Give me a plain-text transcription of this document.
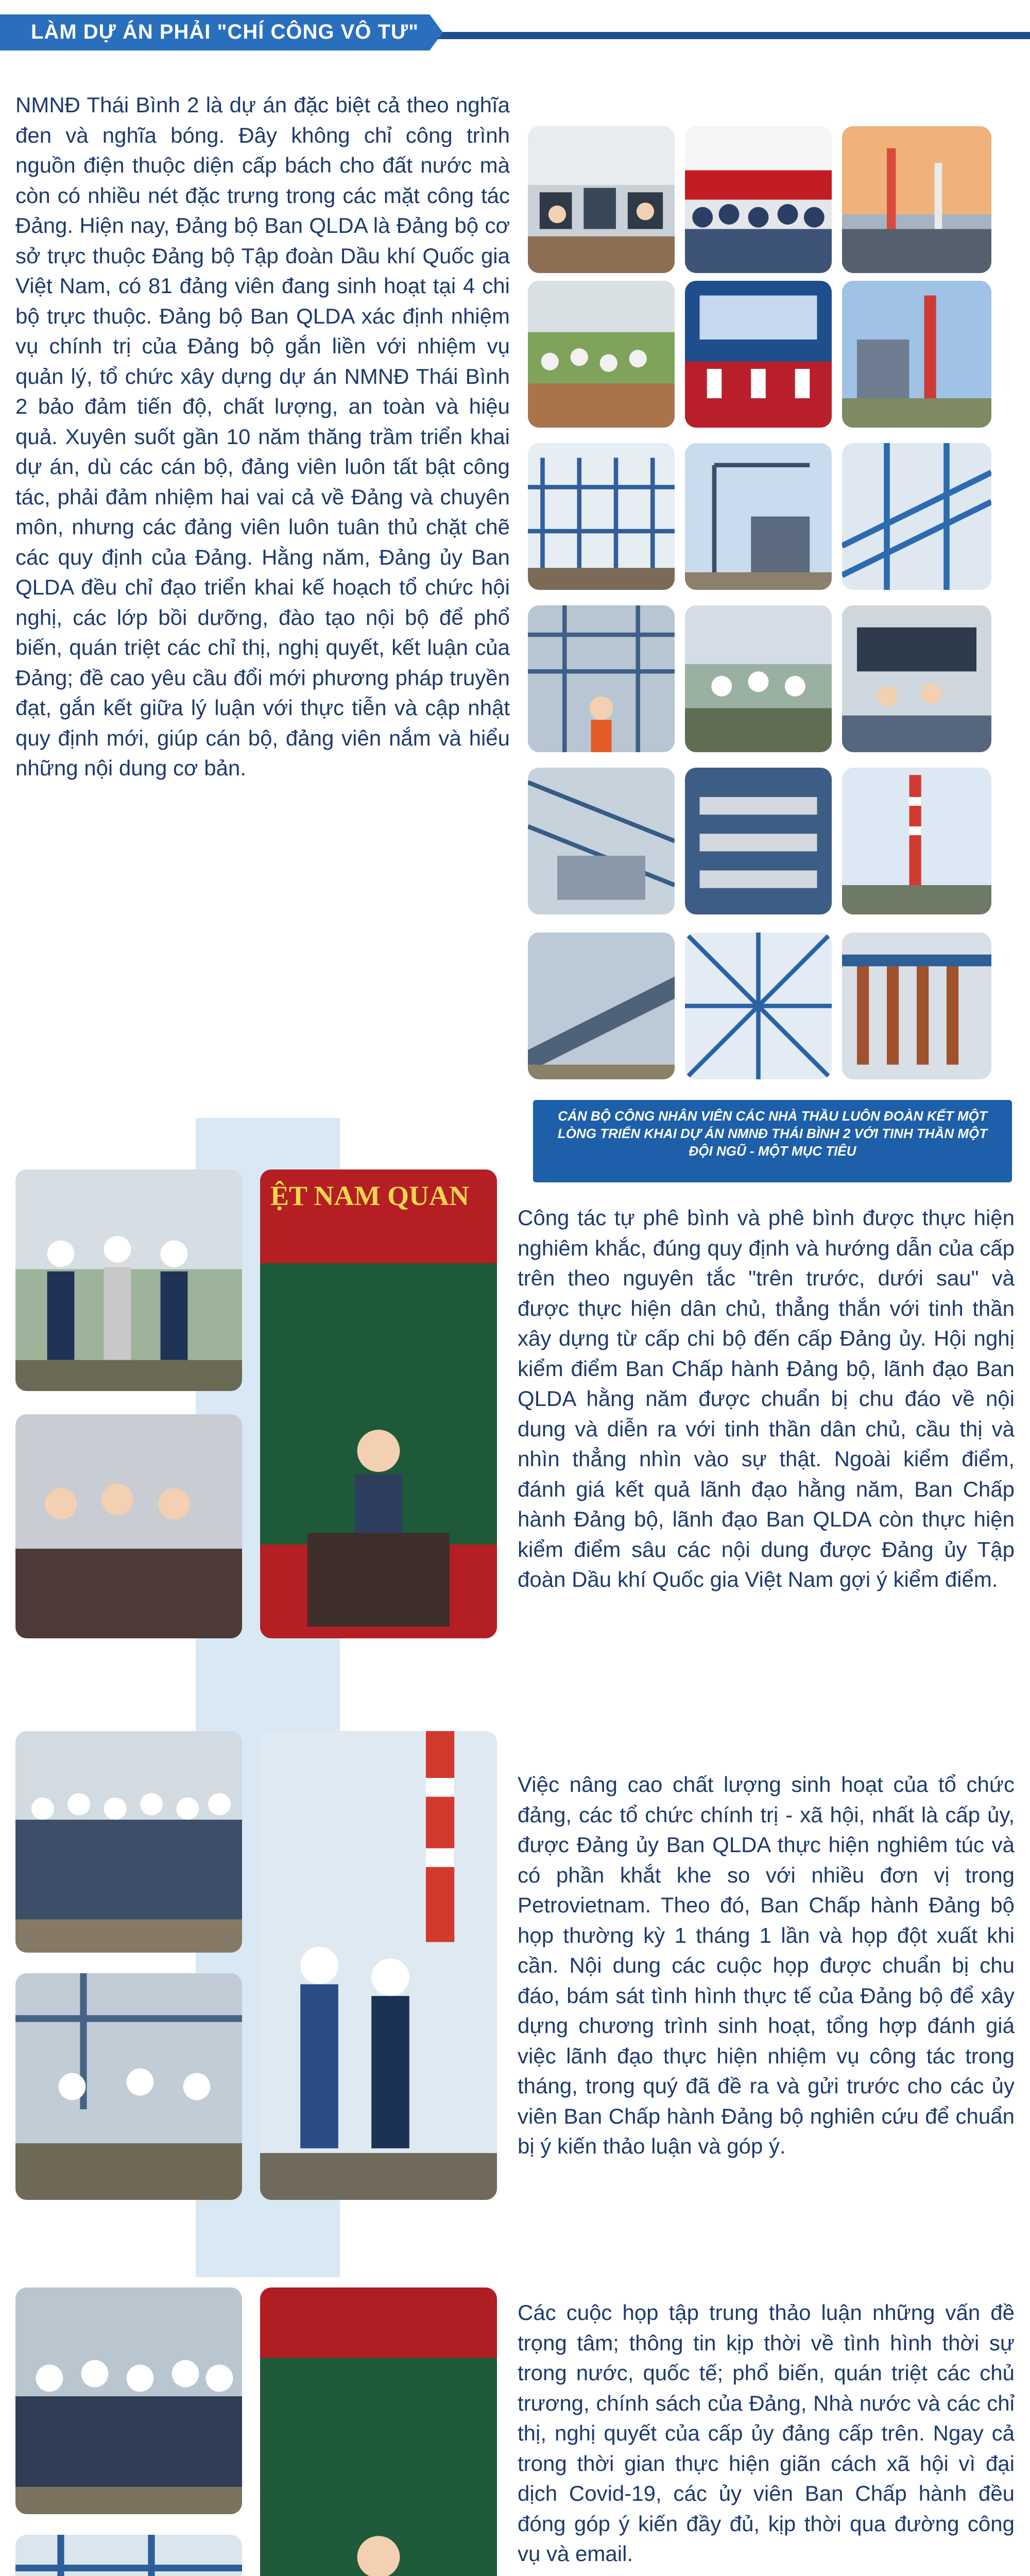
LÀM DỰ ÁN PHẢI "CHÍ CÔNG VÔ TƯ"

NMNĐ Thái Bình 2 là dự án đặc biệt cả theo nghĩa đen và nghĩa bóng. Đây không chỉ công trình nguồn điện thuộc diện cấp bách cho đất nước mà còn có nhiều nét đặc trưng trong các mặt công tác Đảng. Hiện nay, Đảng bộ Ban QLDA là Đảng bộ cơ sở trực thuộc Đảng bộ Tập đoàn Dầu khí Quốc gia Việt Nam, có 81 đảng viên đang sinh hoạt tại 4 chi bộ trực thuộc. Đảng bộ Ban QLDA xác định nhiệm vụ chính trị của Đảng bộ gắn liền với nhiệm vụ quản lý, tổ chức xây dựng dự án NMNĐ Thái Bình 2 bảo đảm tiến độ, chất lượng, an toàn và hiệu quả. Xuyên suốt gần 10 năm thăng trầm triển khai dự án, dù các cán bộ, đảng viên luôn tất bật công tác, phải đảm nhiệm hai vai cả về Đảng và chuyên môn, nhưng các đảng viên luôn tuân thủ chặt chẽ các quy định của Đảng. Hằng năm, Đảng ủy Ban QLDA đều chỉ đạo triển khai kế hoạch tổ chức hội nghị, các lớp bồi dưỡng, đào tạo nội bộ để phổ biến, quán triệt các chỉ thị, nghị quyết, kết luận của Đảng; đề cao yêu cầu đổi mới phương pháp truyền đạt, gắn kết giữa lý luận với thực tiễn và cập nhật quy định mới, giúp cán bộ, đảng viên nắm và hiểu những nội dung cơ bản.

CÁN BỘ CÔNG NHÂN VIÊN CÁC NHÀ THẦU LUÔN ĐOÀN KẾT MỘT LÒNG TRIỂN KHAI DỰ ÁN NMNĐ THÁI BÌNH 2 VỚI TINH THẦN MỘT ĐỘI NGŨ - MỘT MỤC TIÊU
ỆT NAM QUAN

Công tác tự phê bình và phê bình được thực hiện nghiêm khắc, đúng quy định và hướng dẫn của cấp trên theo nguyên tắc "trên trước, dưới sau" và được thực hiện dân chủ, thẳng thắn với tinh thần xây dựng từ cấp chi bộ đến cấp Đảng ủy. Hội nghị kiểm điểm Ban Chấp hành Đảng bộ, lãnh đạo Ban QLDA hằng năm được chuẩn bị chu đáo về nội dung và diễn ra với tinh thần dân chủ, cầu thị và nhìn thẳng nhìn vào sự thật. Ngoài kiểm điểm, đánh giá kết quả lãnh đạo hằng năm, Ban Chấp hành Đảng bộ, lãnh đạo Ban QLDA còn thực hiện kiểm điểm sâu các nội dung được Đảng ủy Tập đoàn Dầu khí Quốc gia Việt Nam gợi ý kiểm điểm.

Việc nâng cao chất lượng sinh hoạt của tổ chức đảng, các tổ chức chính trị - xã hội, nhất là cấp ủy, được Đảng ủy Ban QLDA thực hiện nghiêm túc và có phần khắt khe so với nhiều đơn vị trong Petrovietnam. Theo đó, Ban Chấp hành Đảng bộ họp thường kỳ 1 tháng 1 lần và họp đột xuất khi cần. Nội dung các cuộc họp được chuẩn bị chu đáo, bám sát tình hình thực tế của Đảng bộ để xây dựng chương trình sinh hoạt, tổng hợp đánh giá việc lãnh đạo thực hiện nhiệm vụ công tác trong tháng, trong quý đã đề ra và gửi trước cho các ủy viên Ban Chấp hành Đảng bộ nghiên cứu để chuẩn bị ý kiến thảo luận và góp ý.

Các cuộc họp tập trung thảo luận những vấn đề trọng tâm; thông tin kịp thời về tình hình thời sự trong nước, quốc tế; phổ biến, quán triệt các chủ trương, chính sách của Đảng, Nhà nước và các chỉ thị, nghị quyết của cấp ủy đảng cấp trên. Ngay cả trong thời gian thực hiện giãn cách xã hội vì đại dịch Covid-19, các ủy viên Ban Chấp hành đều đóng góp ý kiến đầy đủ, kịp thời qua đường công vụ và email.
